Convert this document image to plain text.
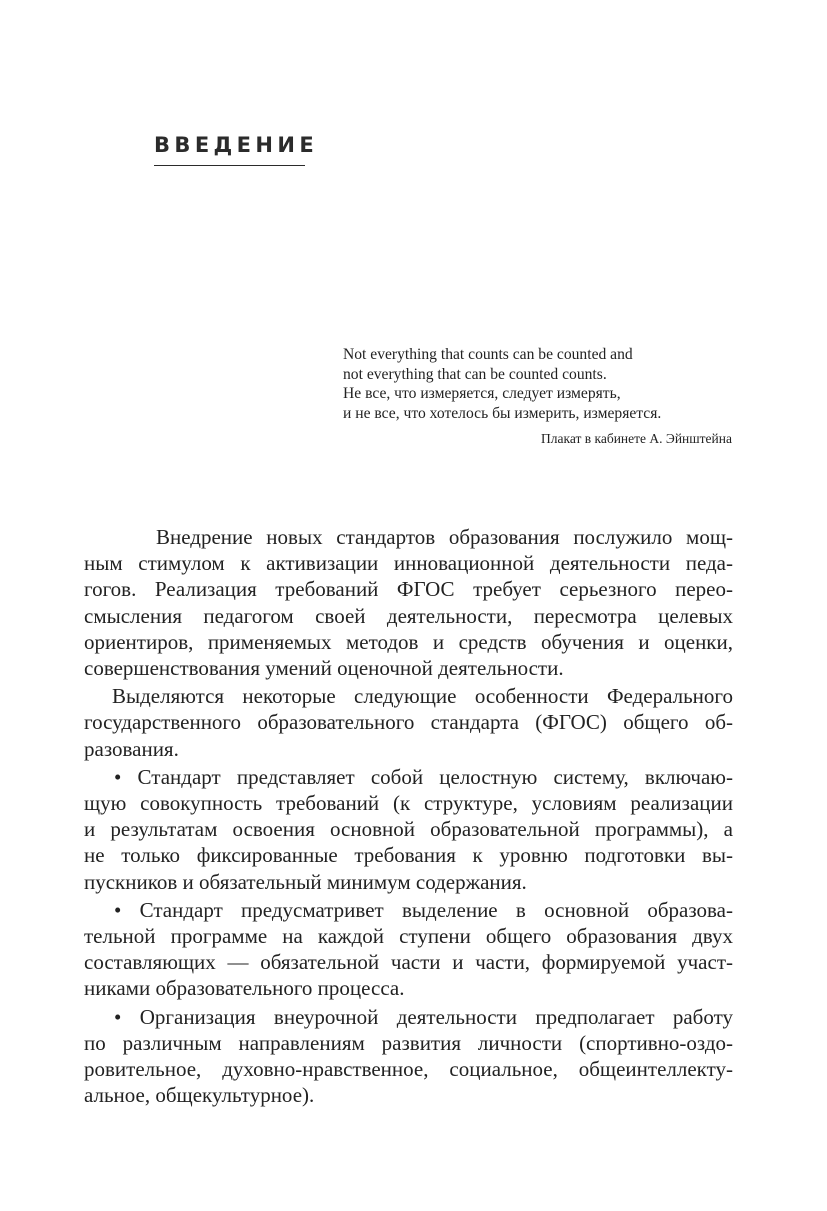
ВВЕДЕНИЕ
Not everything that counts can be counted and
not everything that can be counted counts.
Не все, что измеряется, следует измерять,
и не все, что хотелось бы измерить, измеряется.
Плакат в кабинете А. Эйнштейна
Внедрение новых стандартов образования послужило мощ-
ным стимулом к активизации инновационной деятельности педа-
гогов. Реализация требований ФГОС требует серьезного перео-
смысления педагогом своей деятельности, пересмотра целевых
ориентиров, применяемых методов и средств обучения и оценки,
совершенствования умений оценочной деятельности.
Выделяются некоторые следующие особенности Федерального
государственного образовательного стандарта (ФГОС) общего об-
разования.
• Стандарт представляет собой целостную систему, включаю-
щую совокупность требований (к структуре, условиям реализации
и результатам освоения основной образовательной программы), а
не только фиксированные требования к уровню подготовки вы-
пускников и обязательный минимум содержания.
• Стандарт предусматривет выделение в основной образова-
тельной программе на каждой ступени общего образования двух
составляющих — обязательной части и части, формируемой участ-
никами образовательного процесса.
• Организация внеурочной деятельности предполагает работу
по различным направлениям развития личности (спортивно-оздо-
ровительное, духовно-нравственное, социальное, общеинтеллекту-
альное, общекультурное).
